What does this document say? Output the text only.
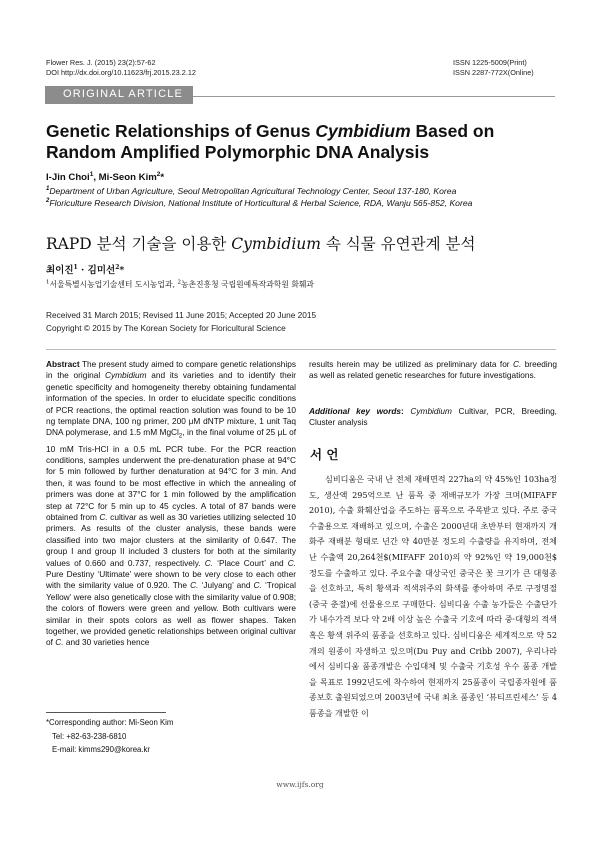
Flower Res. J. (2015) 23(2):57-62
DOI http://dx.doi.org/10.11623/frj.2015.23.2.12
ISSN 1225-5009(Print)
ISSN 2287-772X(Online)
ORIGINAL ARTICLE
Genetic Relationships of Genus Cymbidium Based on Random Amplified Polymorphic DNA Analysis
I-Jin Choi$^1$, Mi-Seon Kim$^2$*
$^1$Department of Urban Agriculture, Seoul Metropolitan Agricultural Technology Center, Seoul 137-180, Korea
$^2$Floriculture Research Division, National Institute of Horticultural & Herbal Science, RDA, Wanju 565-852, Korea
RAPD 분석 기술을 이용한 Cymbidium 속 식물 유연관계 분석
최이진$^1$ · 김미선$^2$*
$^1$서울특별시농업기술센터 도시농업과, $^2$농촌진흥청 국립원예특작과학원 화훼과
Received 31 March 2015; Revised 11 June 2015; Accepted 20 June 2015
Copyright © 2015 by The Korean Society for Floricultural Science
Abstract The present study aimed to compare genetic relationships in the original Cymbidium and its varieties and to identify their genetic specificity and homogeneity thereby obtaining fundamental information of the species. In order to elucidate specific conditions of PCR reactions, the optimal reaction solution was found to be 10 ng template DNA, 100 ng primer, 200 μM dNTP mixture, 1 unit Taq DNA polymerase, and 1.5 mM MgCl$_2$, in the final volume of 25 μL of 10 mM Tris-HCl in a 0.5 mL PCR tube. For the PCR reaction conditions, samples underwent the pre-denaturation phase at 94°C for 5 min followed by further denaturation at 94°C for 3 min. And then, it was found to be most effective in which the annealing of primers was done at 37°C for 1 min followed by the amplification step at 72°C for 5 min up to 45 cycles. A total of 87 bands were obtained from C. cultivar as well as 30 varieties utilizing selected 10 primers. As results of the cluster analysis, these bands were classified into two major clusters at the similarity of 0.647. The group I and group II included 3 clusters for both at the similarity values of 0.660 and 0.737, respectively. C. ‘Place Court’ and C. Pure Destiny ‘Ultimate’ were shown to be very close to each other with the similarity value of 0.920. The C. ‘Julyang’ and C. ‘Tropical Yellow’ were also genetically close with the similarity value of 0.908; the colors of flowers were green and yellow. Both cultivars were similar in their spots colors as well as flower shapes. Taken together, we provided genetic relationships between original cultivar of C. and 30 varieties hence
results herein may be utilized as preliminary data for C. breeding as well as related genetic researches for future investigations.
Additional key words: Cymbidium Cultivar, PCR, Breeding, Cluster analysis
서 언
심비디움은 국내 난 전체 재배면적 227ha의 약 45%인 103ha정도, 생산액 295억으로 난 품목 중 재배규모가 가장 크며(MIFAFF 2010), 수출 화훼산업을 주도하는 품목으로 주목받고 있다. 주로 중국 수출용으로 재배하고 있으며, 수출은 2000년대 초반부터 현재까지 개화주 재배분 형태로 년간 약 40만분 정도의 수출량을 유지하며, 전체 난 수출액 20,264천$(MIFAFF 2010)의 약 92%인 약 19,000천$ 정도를 수출하고 있다. 주요수출 대상국인 중국은 꽃 크기가 큰 대형종을 선호하고, 특히 황색과 적색위주의 화색를 좋아하며 주로 구정명절(중국 춘절)에 선물용으로 구매한다. 심비디움 수출 농가들은 수출단가가 내수가격 보다 약 2배 이상 높은 수출국 기호에 따라 중·대형의 적색 혹은 황색 위주의 품종을 선호하고 있다. 심비디움은 세계적으로 약 52개의 원종이 자생하고 있으며(Du Puy and Cribb 2007), 우리나라에서 심비디움 품종개발은 수입대체 및 수출국 기호성 우수 품종 개발을 목표로 1992년도에 착수하여 현재까지 25품종이 국립종자원에 품종보호 출원되었으며 2003년에 국내 최초 품종인 ‘뷰티프린세스’ 등 4품종을 개발한 이
*Corresponding author: Mi-Seon Kim
Tel: +82-63-238-6810
E-mail: kimms290@korea.kr
www.ijfs.org
